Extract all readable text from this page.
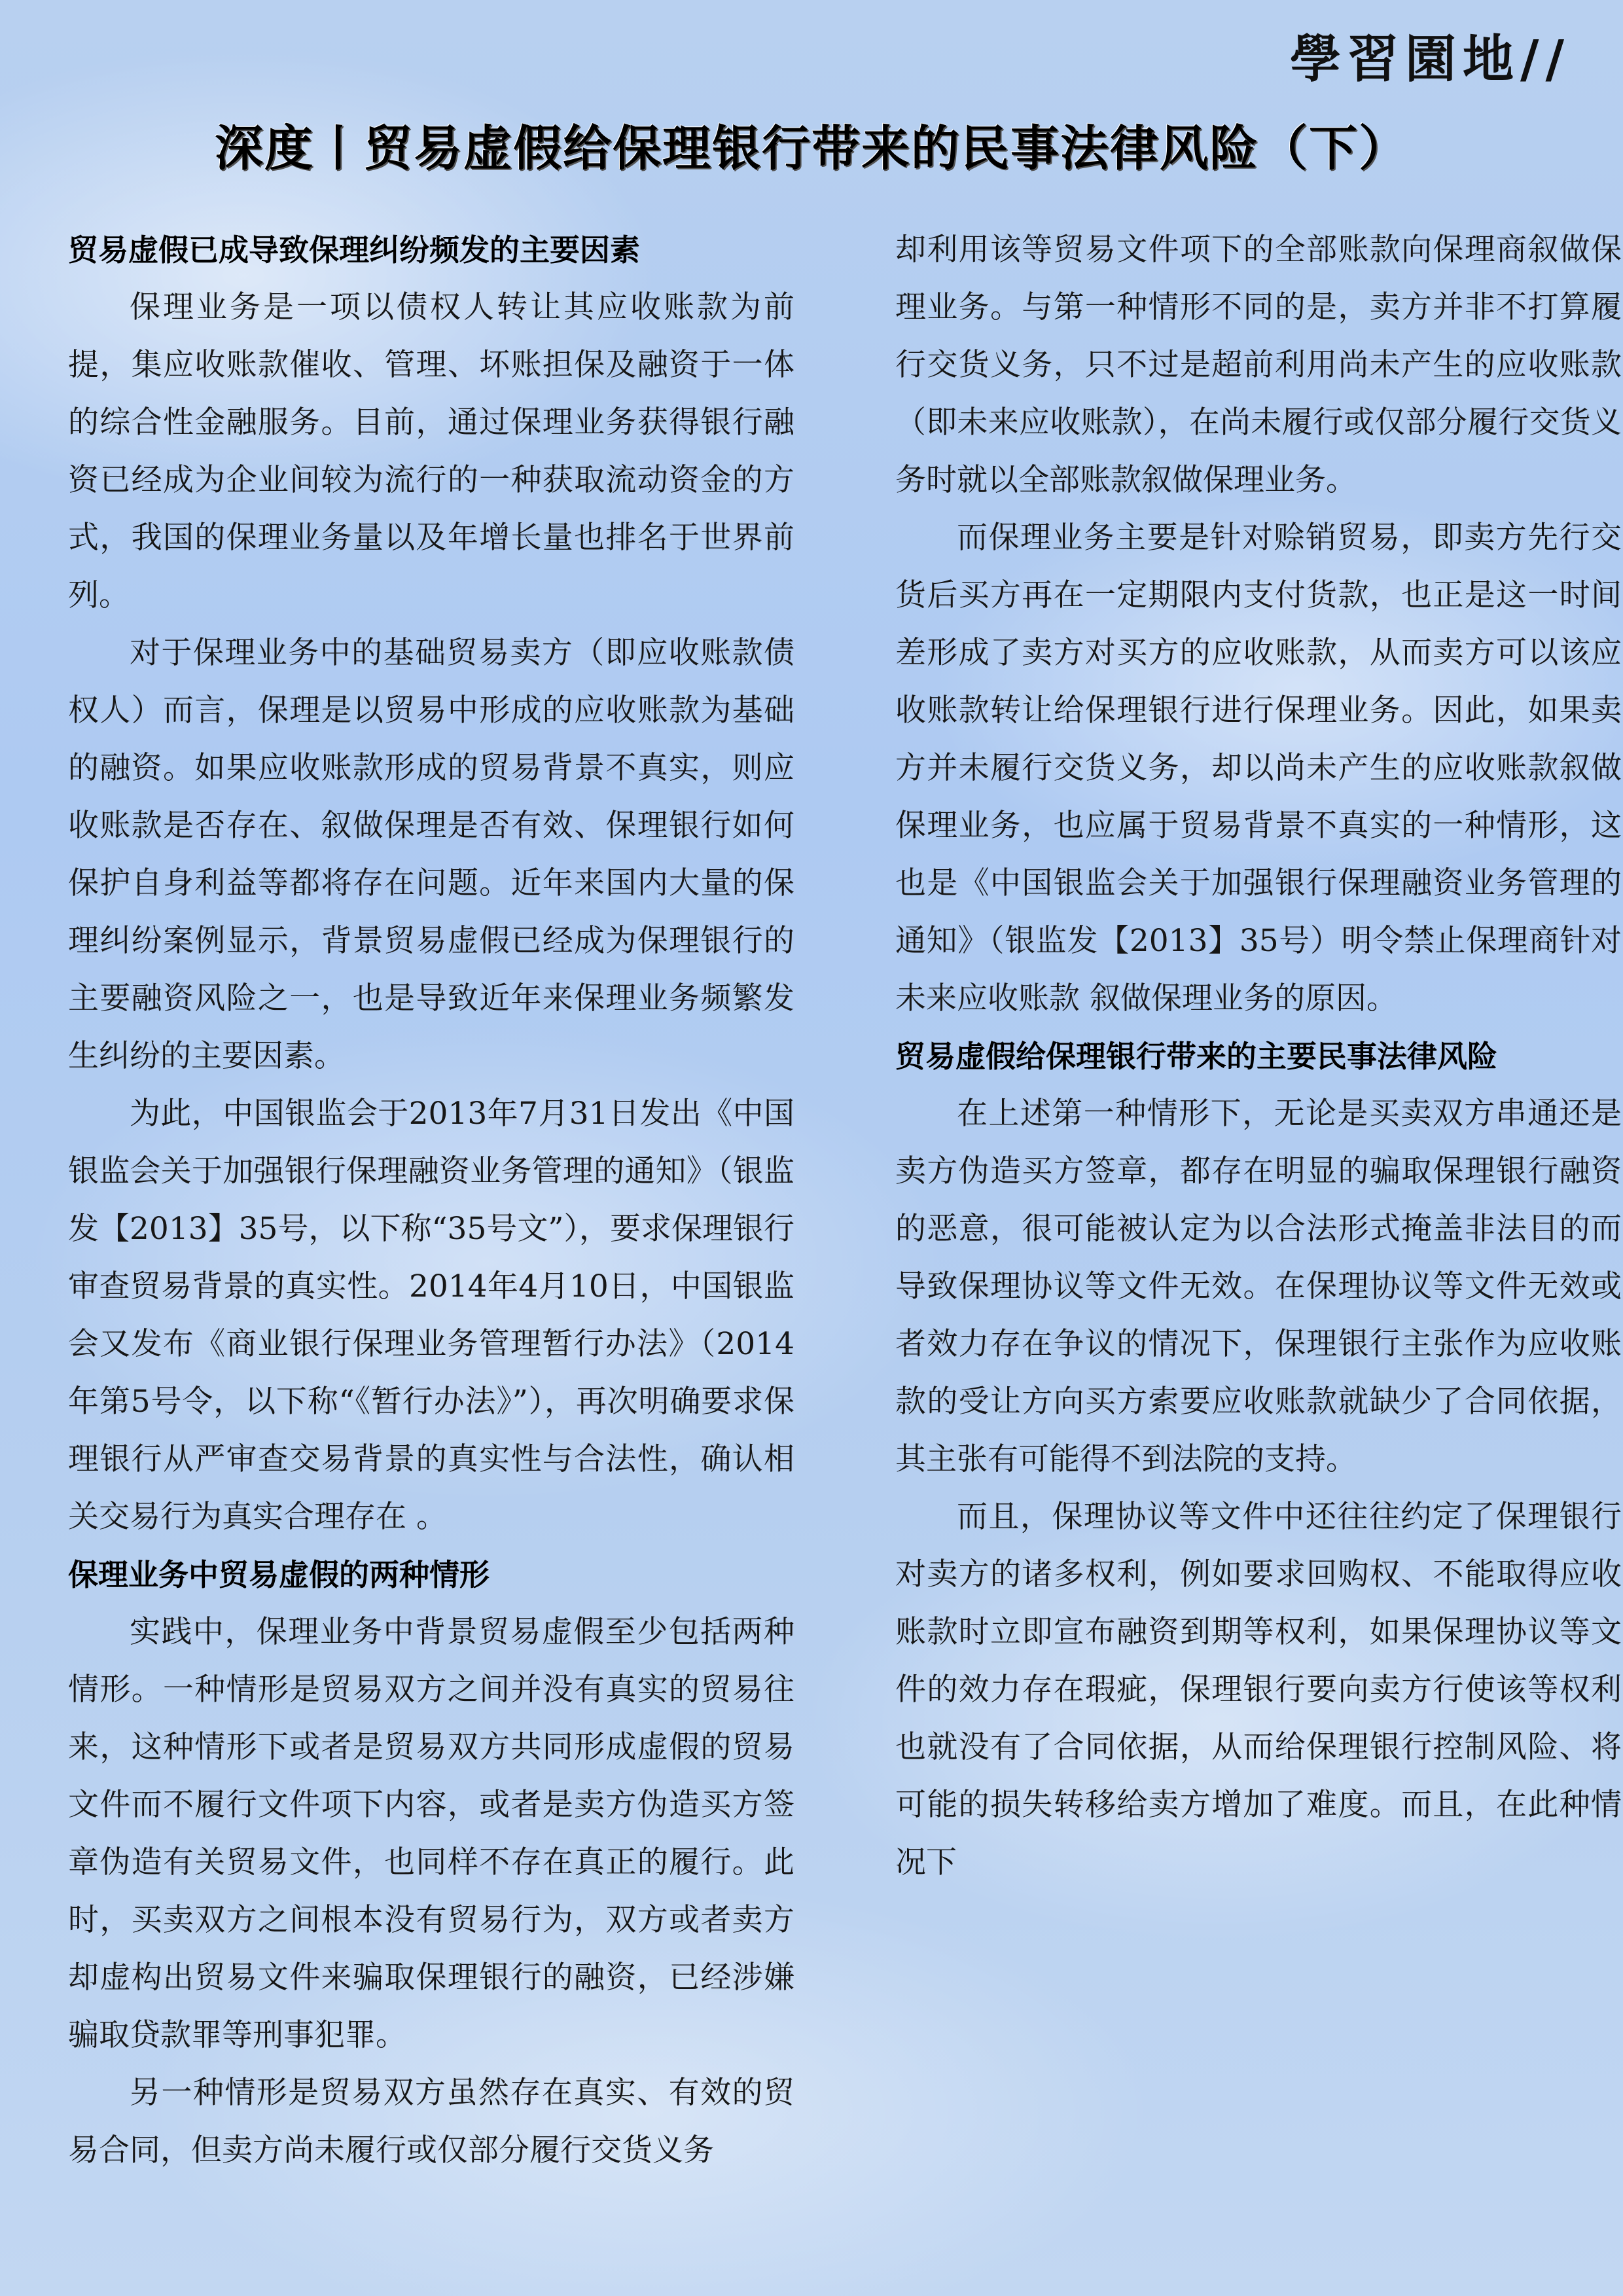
學習園地//
深度丨贸易虚假给保理银行带来的民事法律风险（下）

贸易虚假已成导致保理纠纷频发的主要因素

保理业务是一项以债权人转让其应收账款为前提，集应收账款催收、管理、坏账担保及融资于一体的综合性金融服务。目前，通过保理业务获得银行融资已经成为企业间较为流行的一种获取流动资金的方式，我国的保理业务量以及年增长量也排名于世界前列。

对于保理业务中的基础贸易卖方（即应收账款债权人）而言，保理是以贸易中形成的应收账款为基础的融资。如果应收账款形成的贸易背景不真实，则应收账款是否存在、叙做保理是否有效、保理银行如何保护自身利益等都将存在问题。近年来国内大量的保理纠纷案例显示，背景贸易虚假已经成为保理银行的主要融资风险之一，也是导致近年来保理业务频繁发生纠纷的主要因素。

为此，中国银监会于2013年7月31日发出《中国银监会关于加强银行保理融资业务管理的通知》（银监发【2013】35号，以下称“35号文”），要求保理银行审查贸易背景的真实性。2014年4月10日，中国银监会又发布《商业银行保理业务管理暂行办法》（2014年第5号令，以下称“《暂行办法》”），再次明确要求保理银行从严审查交易背景的真实性与合法性，确认相关交易行为真实合理存在 。

保理业务中贸易虚假的两种情形

实践中，保理业务中背景贸易虚假至少包括两种情形。一种情形是贸易双方之间并没有真实的贸易往来，这种情形下或者是贸易双方共同形成虚假的贸易文件而不履行文件项下内容，或者是卖方伪造买方签章伪造有关贸易文件，也同样不存在真正的履行。此时，买卖双方之间根本没有贸易行为，双方或者卖方却虚构出贸易文件来骗取保理银行的融资，已经涉嫌骗取贷款罪等刑事犯罪。

另一种情形是贸易双方虽然存在真实、有效的贸易合同，但卖方尚未履行或仅部分履行交货义务

却利用该等贸易文件项下的全部账款向保理商叙做保理业务。与第一种情形不同的是，卖方并非不打算履行交货义务，只不过是超前利用尚未产生的应收账款（即未来应收账款），在尚未履行或仅部分履行交货义务时就以全部账款叙做保理业务。

而保理业务主要是针对赊销贸易，即卖方先行交货后买方再在一定期限内支付货款，也正是这一时间差形成了卖方对买方的应收账款，从而卖方可以该应收账款转让给保理银行进行保理业务。因此，如果卖方并未履行交货义务，却以尚未产生的应收账款叙做保理业务，也应属于贸易背景不真实的一种情形，这也是《中国银监会关于加强银行保理融资业务管理的通知》（银监发【2013】35号）明令禁止保理商针对未来应收账款 叙做保理业务的原因。

贸易虚假给保理银行带来的主要民事法律风险

在上述第一种情形下，无论是买卖双方串通还是卖方伪造买方签章，都存在明显的骗取保理银行融资的恶意，很可能被认定为以合法形式掩盖非法目的而导致保理协议等文件无效。在保理协议等文件无效或者效力存在争议的情况下，保理银行主张作为应收账款的受让方向买方索要应收账款就缺少了合同依据，其主张有可能得不到法院的支持。

而且，保理协议等文件中还往往约定了保理银行对卖方的诸多权利，例如要求回购权、不能取得应收账款时立即宣布融资到期等权利，如果保理协议等文件的效力存在瑕疵，保理银行要向卖方行使该等权利也就没有了合同依据，从而给保理银行控制风险、将可能的损失转移给卖方增加了难度。而且，在此种情况下
